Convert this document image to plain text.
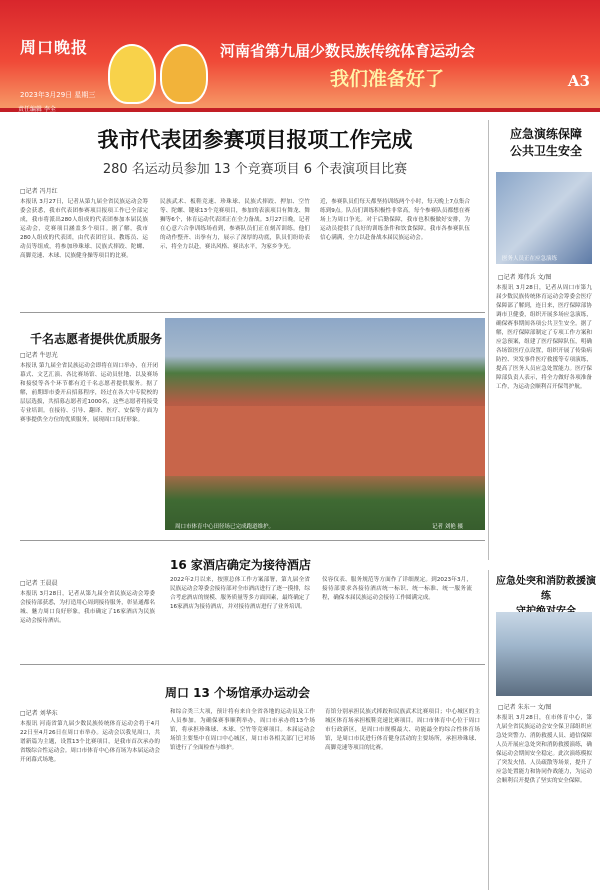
周口晚报	河南省第九届少数民族传统体育运动会
我们准备好了	A3
2023年3月29日 星期三
责任编辑 李全
我市代表团参赛项目报项工作完成
280 名运动员参加 13 个竞赛项目 6 个表演项目比赛
□记者 冯月红
本报讯 3月27日，记者从第九届全省民族运动会筹委会获悉，我市代表团参赛项目报项工作已全部完成，我市将派出280人组成的代表团参加本届民族运动会，竞赛项目涵盖多个项目。据了解，我市280人组成的代表团，由代表团官员、教练员、运动员等组成，将参加珍珠球、民族式摔跤、陀螺、高脚竞速、木球、民族健身操等项目的比赛。
民族武术、板鞋竞速、珍珠球、民族式摔跤、押加、空竹等、陀螺、键球13个竞赛项目，参加的表演项目有舞龙、舞狮等6个，体育运动代表团正在全力备战。3月27日晚，记者在心意六合拳训练场看到，参赛队员们正在刻苦训练。他们的动作整齐、出拳有力，展示了深厚的功底，队员们纷纷表示，将全力以赴，赛出风格、赛出水平，为家乡争光。
近，参赛队员们每天都坚持训练两个小时，每天晚上7点集合练到9点。队员们训练积极性非常高，每个参赛队员都想在赛场上为周口争光。对于后勤保障，我市也积极做好安排，为运动员提供了良好的训练条件和饮食保障。我市各参赛队伍信心满满，全力以赴备战本届民族运动会。
应急演练保障
公共卫生安全
医务人员正在应急演练
□记者 郑伟兵 文/图
本报讯 3月28日，记者从周口市第九届少数民族传统体育运动会筹委会医疗保障部了解到，连日来，医疗保障部协调市卫健委，组织开展多场应急演练，确保赛事期间各项公共卫生安全。据了解，医疗保障部制定了专项工作方案和应急预案，组建了医疗保障队伍，明确各场馆医疗点设置，组织开展了传染病防控、突发事件医疗救援等专项演练，提高了医务人员应急处置能力。医疗保障部负责人表示，将全力做好各项准备工作，为运动会顺利召开保驾护航。
千名志愿者提供优质服务
□记者 牛思光
本报讯 第九届全省民族运动会即将在周口举办，在开闭幕式、文艺汇演、各比赛场馆、运动员驻地、以及赛场和接驳等各个环节都有近千名志愿者提供服务。据了解，前期即市委开启招募程序，经过在各大中专院校的层层选拔，共招募志愿者近1000名，这些志愿者将接受专业培训。在接待、引导、翻译、医疗、安保等方面为赛事提供全方位的优质服务，展现周口良好形象。
周口市体育中心田径场已完成跑道维护。	记者 刘艳 摄
16 家酒店确定为接待酒店
□记者 王晨晨
本报讯 3月28日，记者从第九届全省民族运动会筹委会接待部获悉，为打造用心周到接待服务，彰显通都名城、魅力周口良好形象，我市确定了16家酒店为民族运动会接待酒店。
2022年2月以来，按照总体工作方案部署，第九届全省民族运动会筹委会接待部对全市酒店进行了逐一摸排，综合考虑酒店的规模、服务质量等多方面因素，最终确定了16家酒店为接待酒店，并对接待酒店进行了业务培训。
仪容仪表、服务规范等方面作了详细规定。到2023年3月，接待部要求各接待酒店统一标识、统一标准、统一服务流程，确保本届民族运动会接待工作圆满完成。
应急处突和消防救援演练
□记者 朱东一 文/图
本报讯 3月28日，在市体育中心，第九届全省民族运动会安全保卫部组织应急处突警力、消防救援人员、通信保障人员开展应急处突和消防救援演练，确保运动会期间安全稳定。此次演练模拟了突发火情、人员疏散等场景，提升了应急处置能力和协同作战能力，为运动会顺利召开提供了坚实的安全保障。
周口 13 个场馆承办运动会
□记者 刘华东
本报讯 河南省第九届少数民族传统体育运动会将于4月22日至4月26日在周口市举办。运动会以我见周口，共谱新篇为主题，设置13个比赛项目，是我市首次承办的省级综合性运动会。周口市体育中心体育场为本届运动会开闭幕式场地。
和综合类三大项，预计将有来自全省各地的运动员及工作人员参加。为确保赛事顺利举办，周口市承办的13个场馆，将承担珍珠球、木球、空竹等竞赛项目。本届运动会场馆主要集中在周口中心城区，周口市各相关部门已对场馆进行了全面检查与维护。
育馆分别承担民族式摔跤和民族武术比赛项目；中心城区的主城区体育场承担板鞋竞速比赛项目。周口市体育中心位于周口市行政新区，是周口市规模最大、功能最全的综合性体育场馆，是周口市民进行体育健身活动的主要场所，承担珍珠球、高脚竞速等项目的比赛。
